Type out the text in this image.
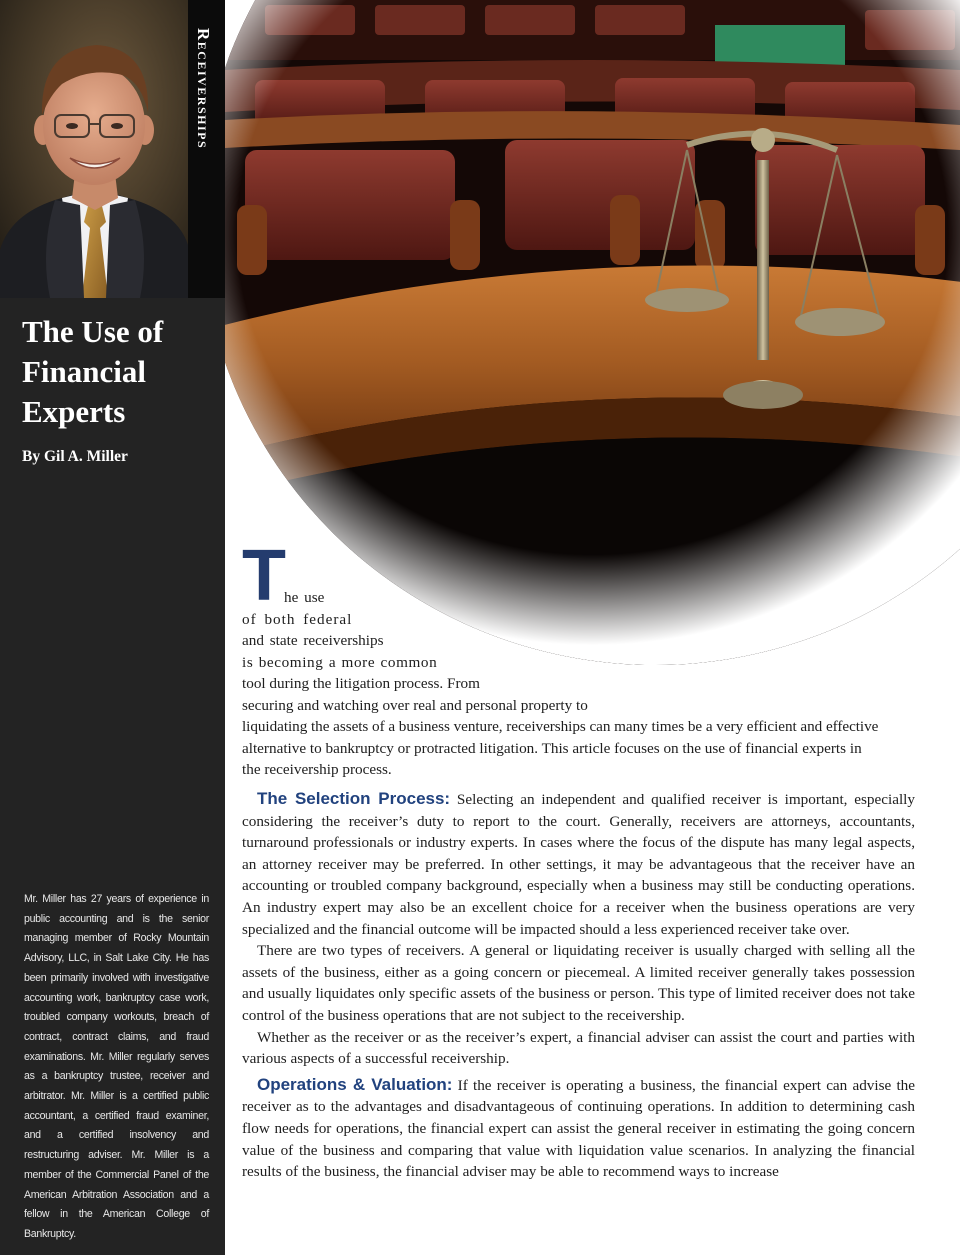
Receiverships
The Use of
Financial
Experts
By Gil A. Miller

Mr. Miller has 27 years of experience in public accounting and is the senior managing member of Rocky Mountain Advisory, LLC, in Salt Lake City. He has been primarily involved with investigative accounting work, bankruptcy case work, troubled company workouts, breach of contract, contract claims, and fraud examinations. Mr. Miller regularly serves as a bankruptcy trustee, receiver and arbitrator. Mr. Miller is a certified public accountant, a certified fraud examiner, and a certified insolvency and restructuring adviser. Mr. Miller is a member of the Commercial Panel of the American Arbitration Association and a fellow in the American College of Bankruptcy.

T
he use
of both federal
and state receiverships
is becoming a more common
tool during the litigation process. From
securing and watching over real and personal property to
liquidating the assets of a business venture, receiverships can many times be a very efficient and effective
alternative to bankruptcy or protracted litigation. This article focuses on the use of financial experts in
the receivership process.

The Selection Process: Selecting an independent and qualified receiver is important, especially considering the receiver’s duty to report to the court. Generally, receivers are attorneys, accountants, turnaround professionals or industry experts. In cases where the focus of the dispute has many legal aspects, an attorney receiver may be preferred. In other settings, it may be advantageous that the receiver have an accounting or troubled company background, especially when a business may still be conducting operations. An industry expert may also be an excellent choice for a receiver when the business operations are very specialized and the financial outcome will be impacted should a less experienced receiver take over.

There are two types of receivers. A general or liquidating receiver is usually charged with selling all the assets of the business, either as a going concern or piecemeal. A limited receiver generally takes possession and usually liquidates only specific assets of the business or person. This type of limited receiver does not take control of the business operations that are not subject to the receivership.

Whether as the receiver or as the receiver’s expert, a financial adviser can assist the court and parties with various aspects of a successful receivership.

Operations & Valuation: If the receiver is operating a business, the financial expert can advise the receiver as to the advantages and disadvantageous of continuing operations. In addition to determining cash flow needs for operations, the financial expert can assist the general receiver in estimating the going concern value of the business and comparing that value with liquidation value scenarios. In analyzing the financial results of the business, the financial adviser may be able to recommend ways to increase
